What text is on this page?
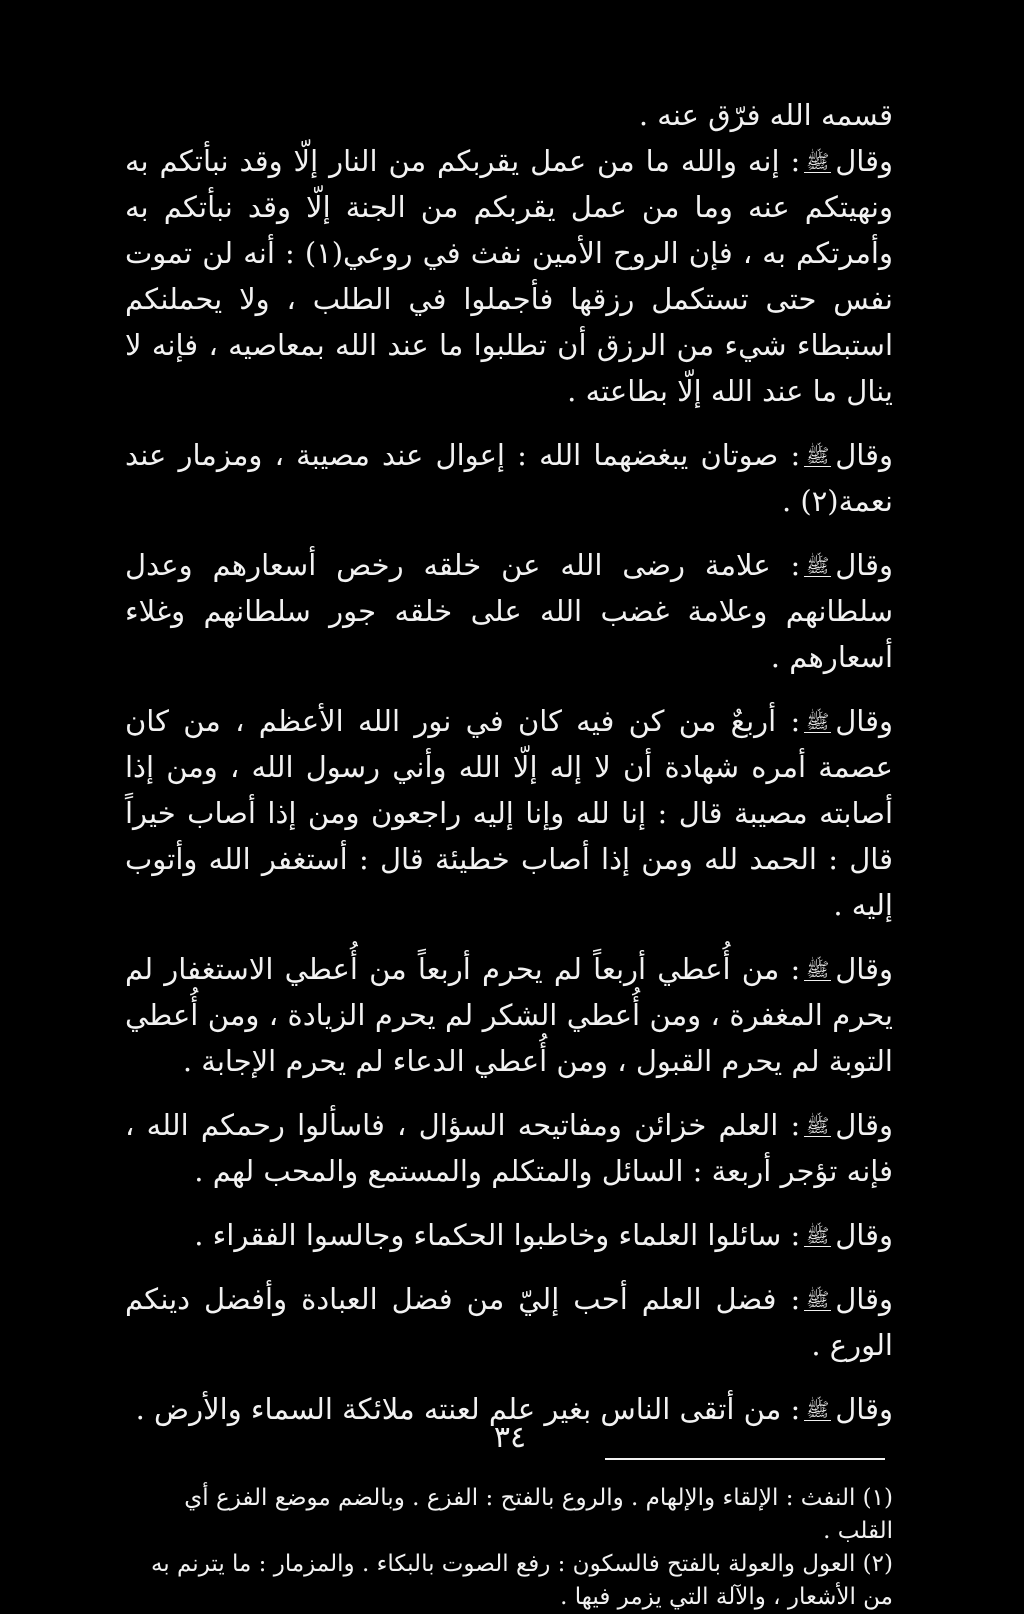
قسمه الله فرّق عنه .

وقالﷺ: إنه والله ما من عمل يقربكم من النار إلّا وقد نبأتكم به ونهيتكم عنه وما من عمل يقربكم من الجنة إلّا وقد نبأتكم به وأمرتكم به ، فإن الروح الأمين نفث في روعي(١) : أنه لن تموت نفس حتى تستكمل رزقها فأجملوا في الطلب ، ولا يحملنكم استبطاء شيء من الرزق أن تطلبوا ما عند الله بمعاصيه ، فإنه لا ينال ما عند الله إلّا بطاعته .

وقالﷺ: صوتان يبغضهما الله : إعوال عند مصيبة ، ومزمار عند نعمة(٢) .

وقالﷺ: علامة رضى الله عن خلقه رخص أسعارهم وعدل سلطانهم وعلامة غضب الله على خلقه جور سلطانهم وغلاء أسعارهم .

وقالﷺ: أربعٌ من كن فيه كان في نور الله الأعظم ، من كان عصمة أمره شهادة أن لا إله إلّا الله وأني رسول الله ، ومن إذا أصابته مصيبة قال : إنا لله وإنا إليه راجعون ومن إذا أصاب خيراً قال : الحمد لله ومن إذا أصاب خطيئة قال : أستغفر الله وأتوب إليه .

وقالﷺ: من أُعطي أربعاً لم يحرم أربعاً من أُعطي الاستغفار لم يحرم المغفرة ، ومن أُعطي الشكر لم يحرم الزيادة ، ومن أُعطي التوبة لم يحرم القبول ، ومن أُعطي الدعاء لم يحرم الإجابة .

وقالﷺ: العلم خزائن ومفاتيحه السؤال ، فاسألوا رحمكم الله ، فإنه تؤجر أربعة : السائل والمتكلم والمستمع والمحب لهم .

وقالﷺ: سائلوا العلماء وخاطبوا الحكماء وجالسوا الفقراء .

وقالﷺ: فضل العلم أحب إليّ من فضل العبادة وأفضل دينكم الورع .

وقالﷺ: من أتقى الناس بغير علم لعنته ملائكة السماء والأرض .

(١) النفث : الإلقاء والإلهام . والروع بالفتح : الفزع . وبالضم موضع الفزع أي القلب .

(٢) العول والعولة بالفتح فالسكون : رفع الصوت بالبكاء . والمزمار : ما يترنم به من الأشعار ، والآلة التي يزمر فيها .

٣٤
